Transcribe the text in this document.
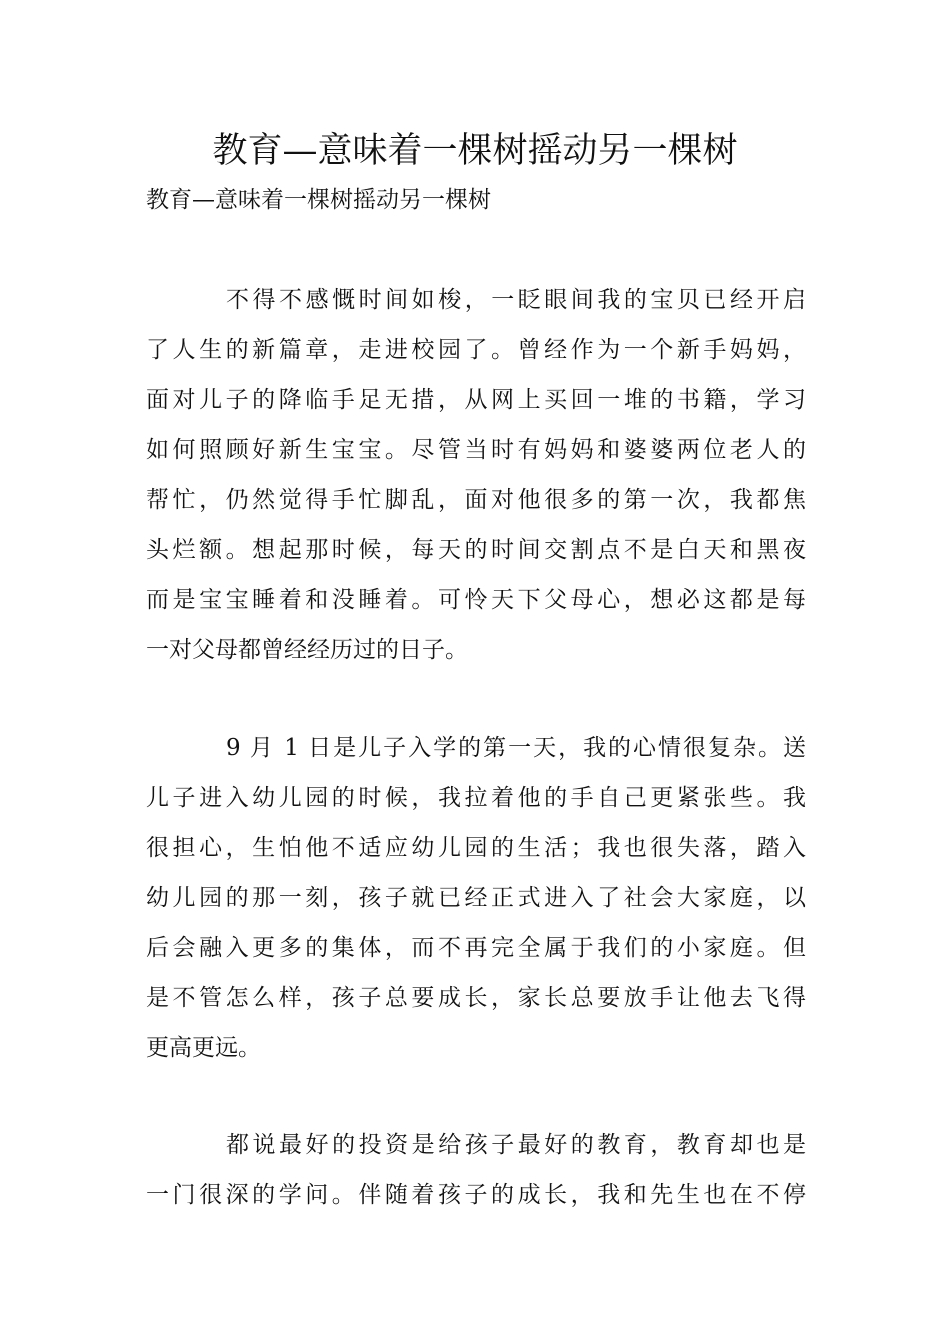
教育—意味着一棵树摇动另一棵树

教育—意味着一棵树摇动另一棵树

不得不感慨时间如梭，一眨眼间我的宝贝已经开启

了人生的新篇章，走进校园了。曾经作为一个新手妈妈，

面对儿子的降临手足无措，从网上买回一堆的书籍，学习

如何照顾好新生宝宝。尽管当时有妈妈和婆婆两位老人的

帮忙，仍然觉得手忙脚乱，面对他很多的第一次，我都焦

头烂额。想起那时候，每天的时间交割点不是白天和黑夜

而是宝宝睡着和没睡着。可怜天下父母心，想必这都是每

一对父母都曾经经历过的日子。

9 月 1 日是儿子入学的第一天，我的心情很复杂。送

儿子进入幼儿园的时候，我拉着他的手自己更紧张些。我

很担心，生怕他不适应幼儿园的生活；我也很失落，踏入

幼儿园的那一刻，孩子就已经正式进入了社会大家庭，以

后会融入更多的集体，而不再完全属于我们的小家庭。但

是不管怎么样，孩子总要成长，家长总要放手让他去飞得

更高更远。

都说最好的投资是给孩子最好的教育，教育却也是

一门很深的学问。伴随着孩子的成长，我和先生也在不停
